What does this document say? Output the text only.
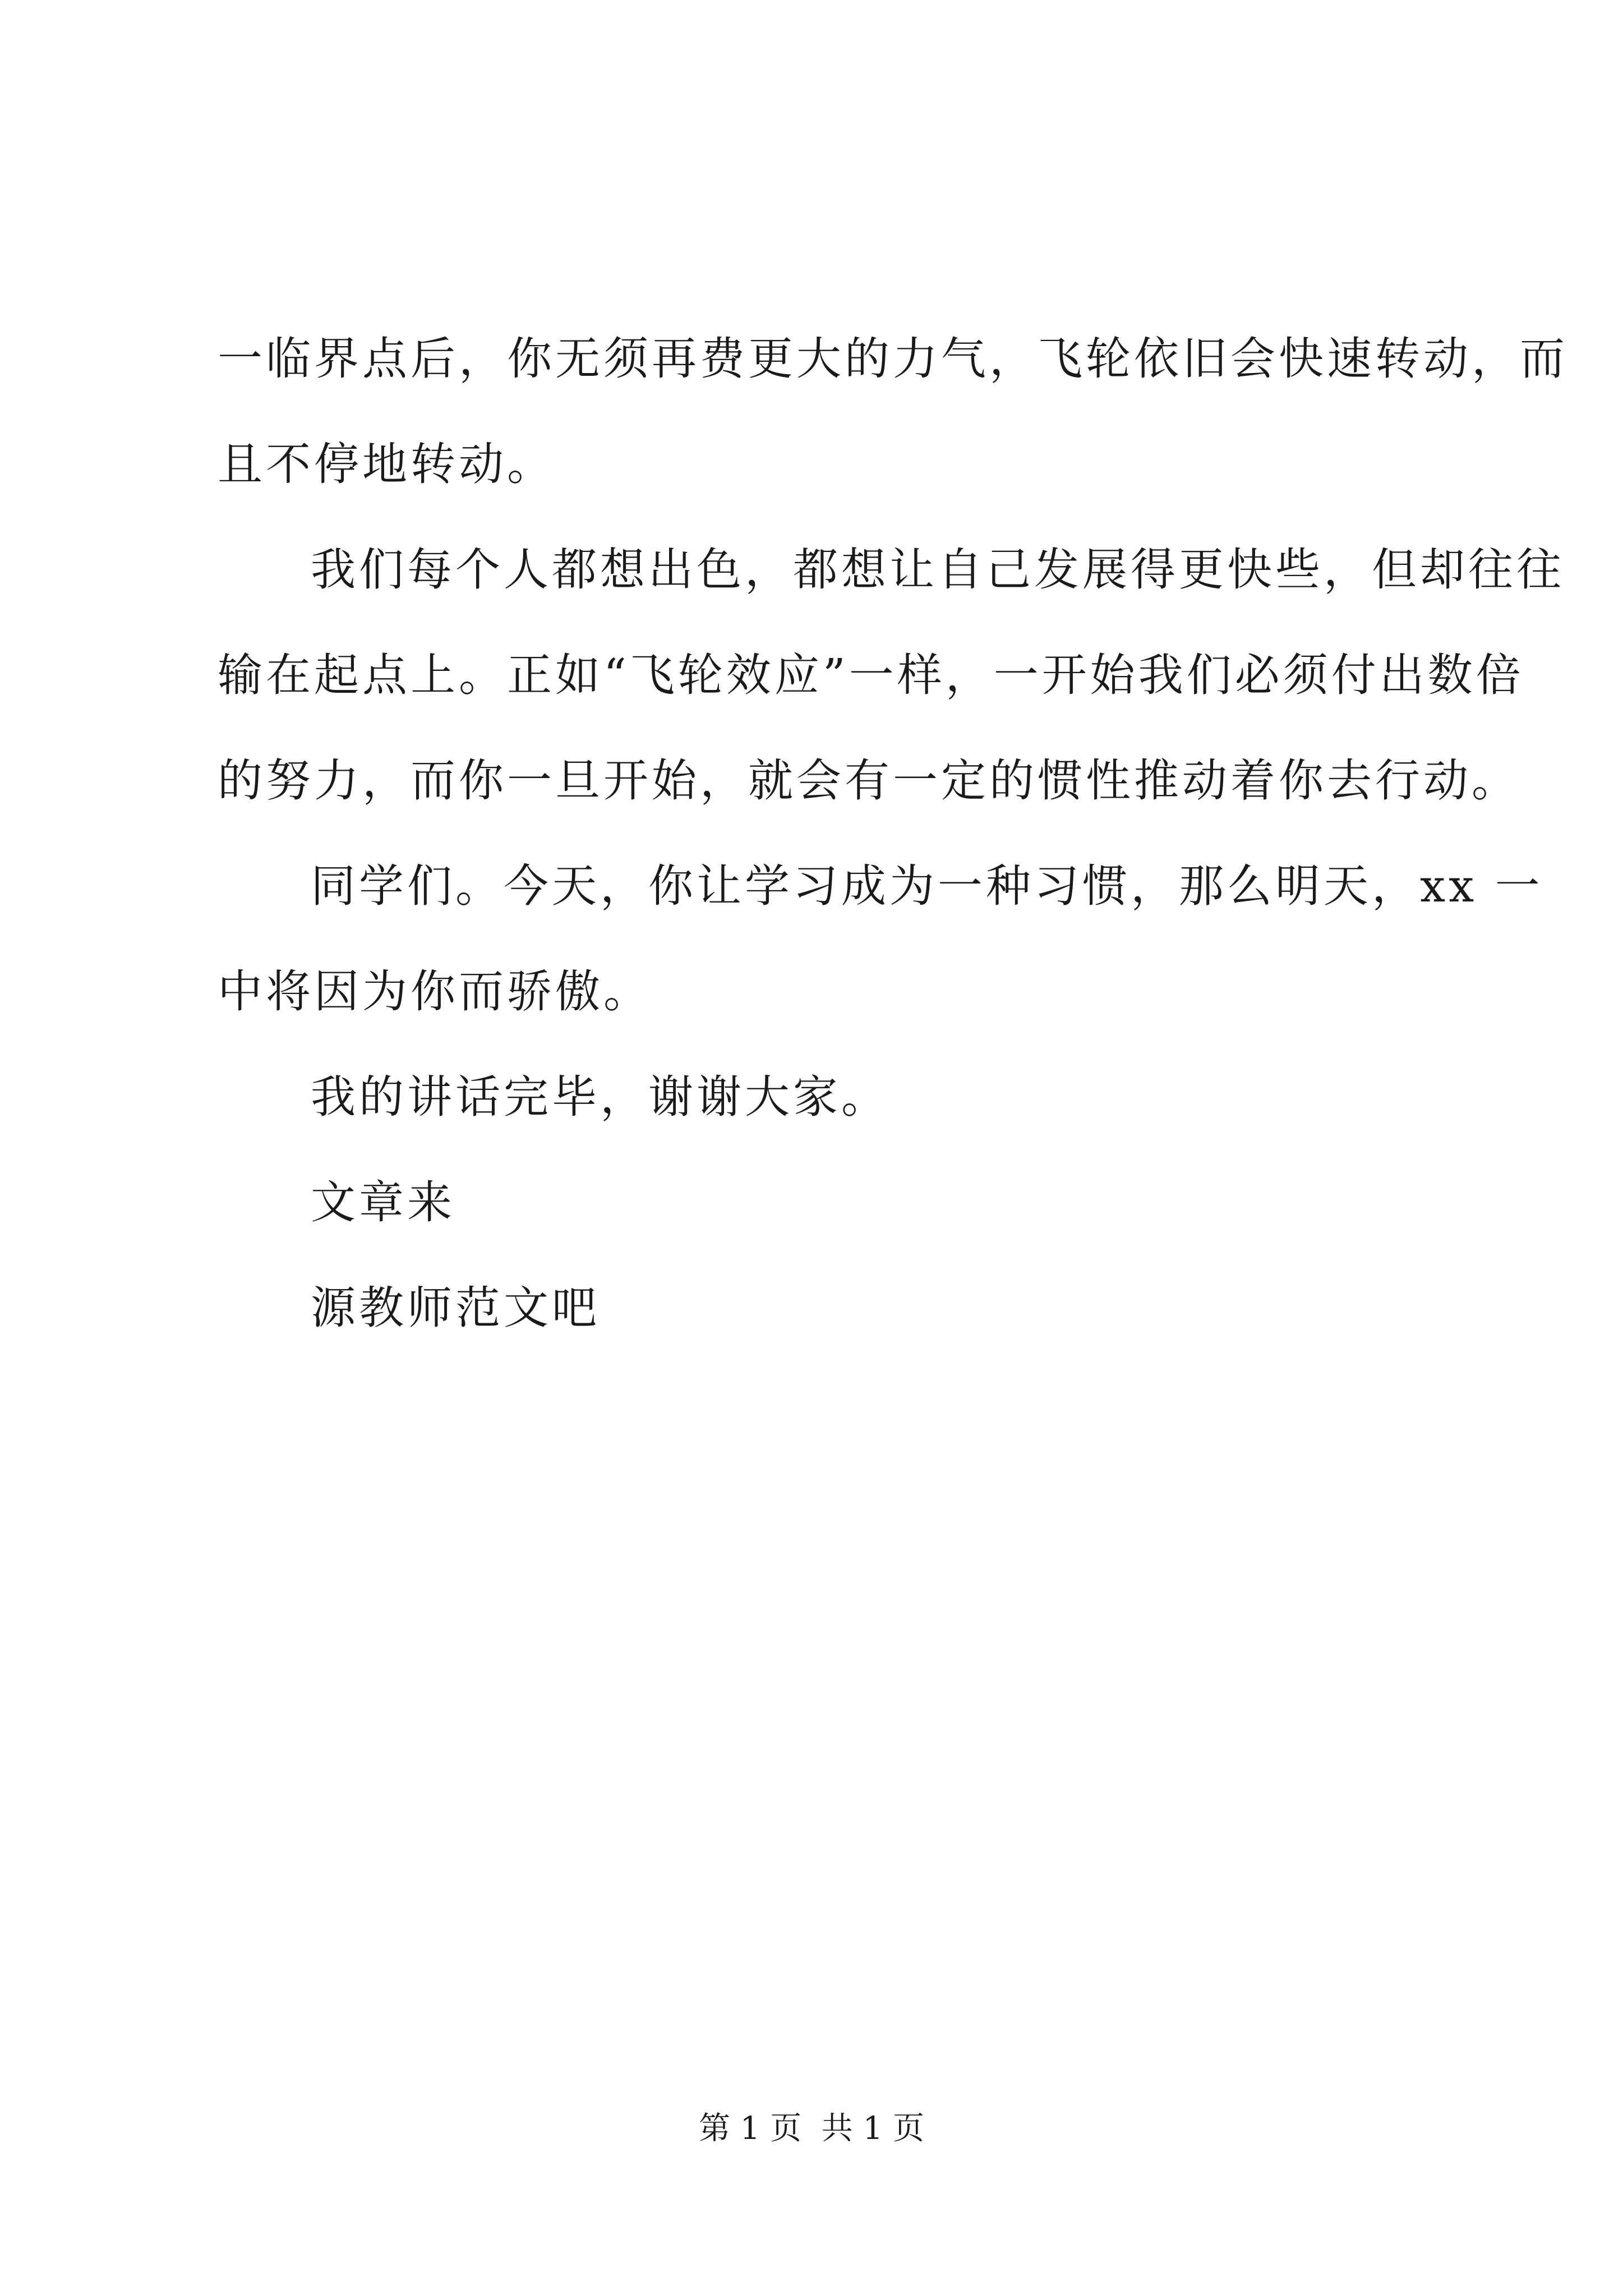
一临界点后，你无须再费更大的力气，飞轮依旧会快速转动，而
且不停地转动。
我们每个人都想出色，都想让自己发展得更快些，但却往往
输在起点上。正如“飞轮效应”一样，一开始我们必须付出数倍
的努力，而你一旦开始，就会有一定的惯性推动着你去行动。
同学们。今天，你让学习成为一种习惯，那么明天，xx 一
中将因为你而骄傲。
我的讲话完毕，谢谢大家。
文章来
源教师范文吧
第 1 页  共 1 页
